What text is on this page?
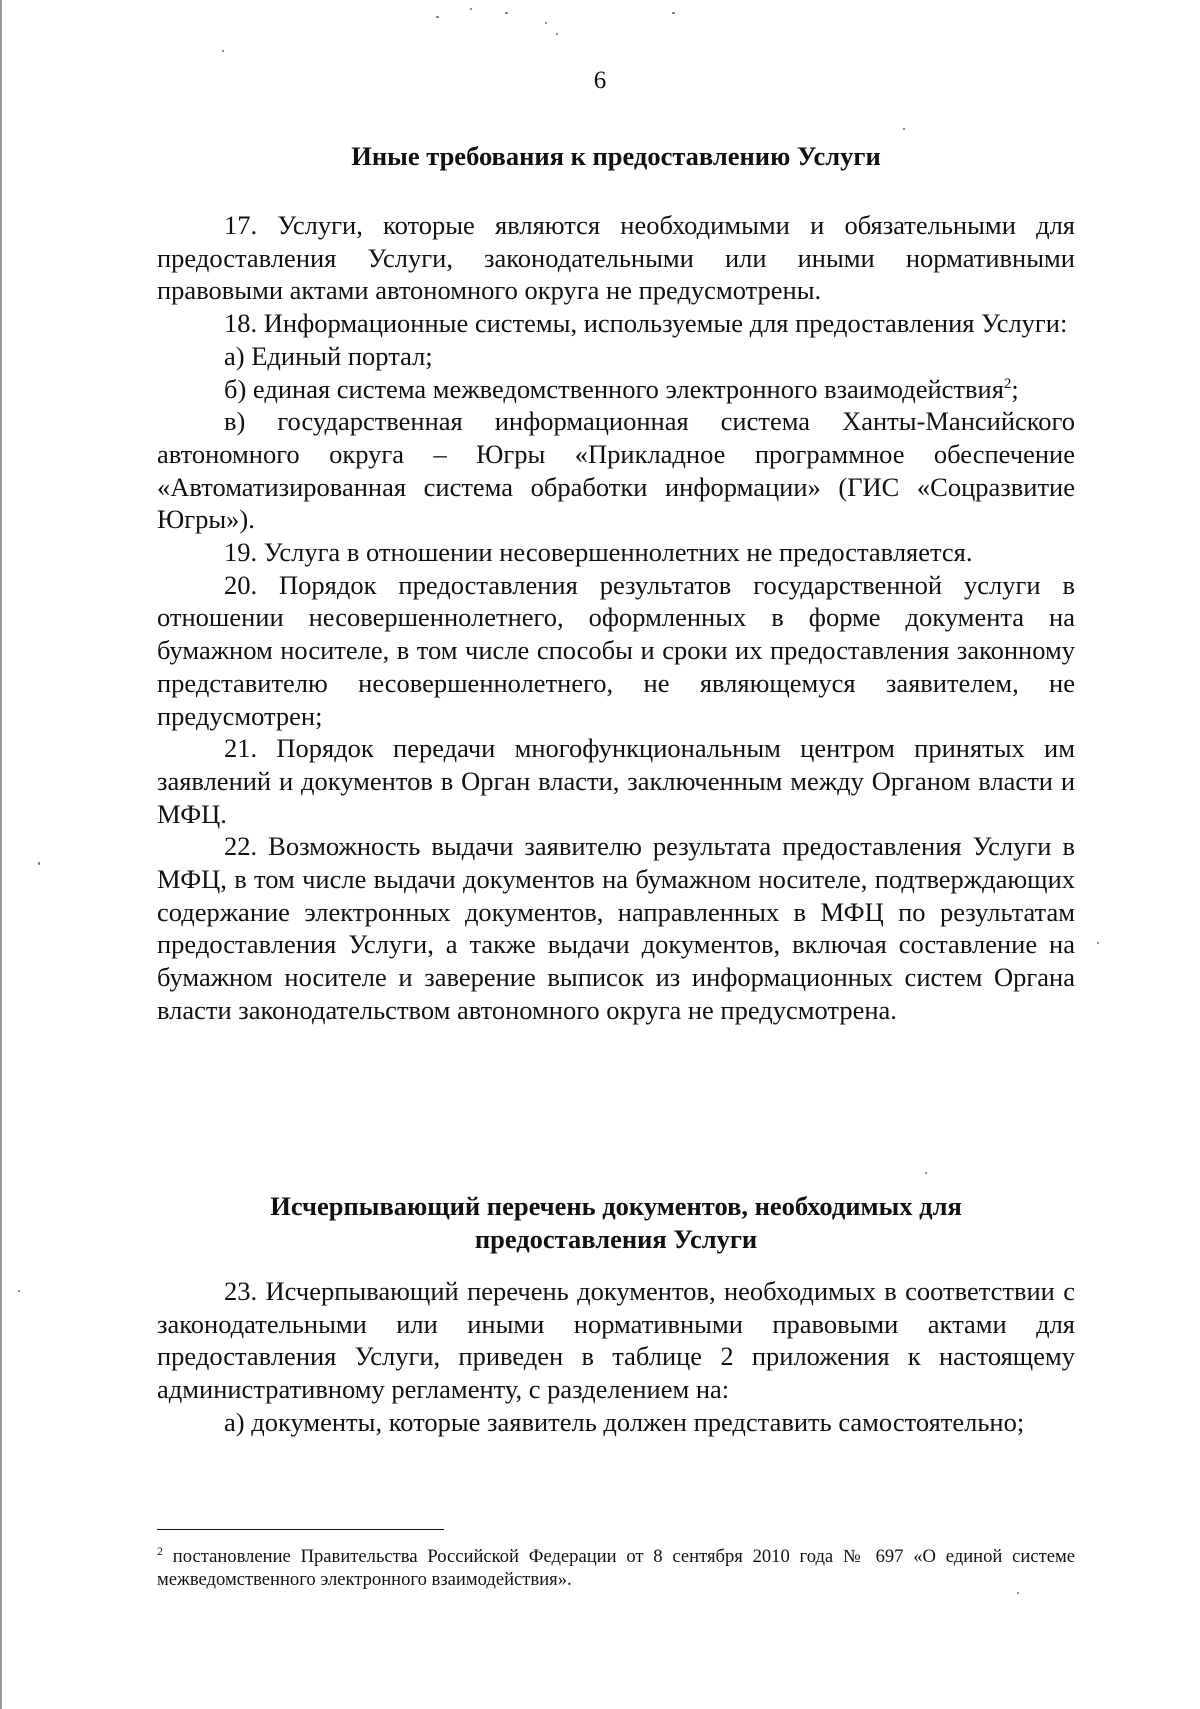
6
Иные требования к предоставлению Услуги

17. Услуги, которые являются необходимыми и обязательными для предоставления Услуги, законодательными или иными нормативными правовыми актами автономного округа не предусмотрены.

18. Информационные системы, используемые для предоставления Услуги:

а) Единый портал;

б) единая система межведомственного электронного взаимодействия$^2$;

в) государственная информационная система Ханты-Мансийского автономного округа – Югры «Прикладное программное обеспечение «Автоматизированная система обработки информации» (ГИС «Соцразвитие Югры»).

19. Услуга в отношении несовершеннолетних не предоставляется.

20. Порядок предоставления результатов государственной услуги в отношении несовершеннолетнего, оформленных в форме документа на бумажном носителе, в том числе способы и сроки их предоставления законному представителю несовершеннолетнего, не являющемуся заявителем, не предусмотрен;

21. Порядок передачи многофункциональным центром принятых им заявлений и документов в Орган власти, заключенным между Органом власти и МФЦ.

22. Возможность выдачи заявителю результата предоставления Услуги в МФЦ, в том числе выдачи документов на бумажном носителе, подтверждающих содержание электронных документов, направленных в МФЦ по результатам предоставления Услуги, а также выдачи документов, включая составление на бумажном носителе и заверение выписок из информационных систем Органа власти законодательством автономного округа не предусмотрена.

Исчерпывающий перечень документов, необходимых для
предоставления Услуги

23. Исчерпывающий перечень документов, необходимых в соответствии с законодательными или иными нормативными правовыми актами для предоставления Услуги, приведен в таблице 2 приложения к настоящему административному регламенту, с разделением на:

а) документы, которые заявитель должен представить самостоятельно;

$^2$ постановление Правительства Российской Федерации от 8 сентября 2010 года № 697 «О единой системе межведомственного электронного взаимодействия».
